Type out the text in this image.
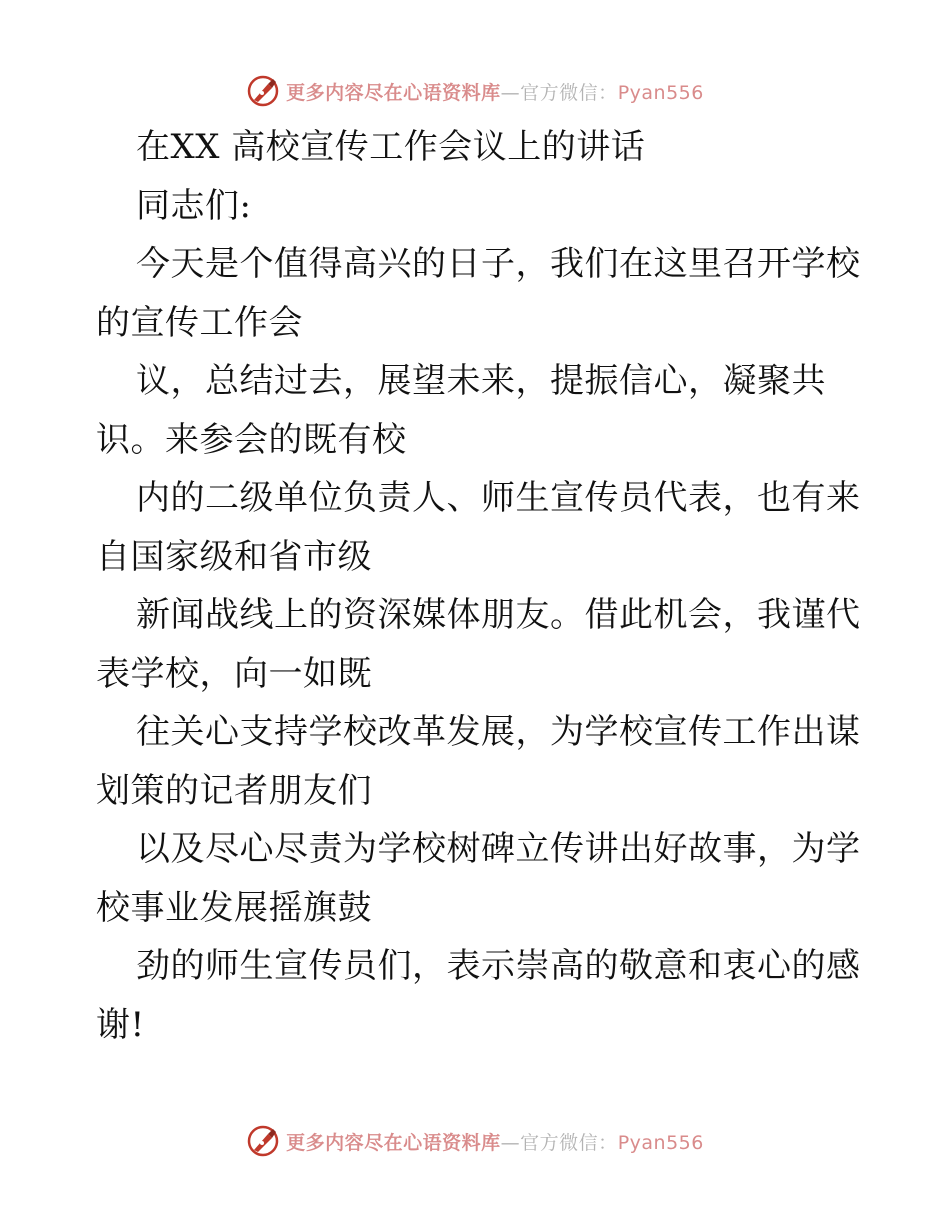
更多内容尽在心语资料库—官方微信：Pyan556
在XX 高校宣传工作会议上的讲话
同志们:
今天是个值得高兴的日子，我们在这里召开学校
的宣传工作会
议，总结过去，展望未来，提振信心，凝聚共
识。来参会的既有校
内的二级单位负责人、师生宣传员代表，也有来
自国家级和省市级
新闻战线上的资深媒体朋友。借此机会，我谨代
表学校，向一如既
往关心支持学校改革发展，为学校宣传工作出谋
划策的记者朋友们
以及尽心尽责为学校树碑立传讲出好故事，为学
校事业发展摇旗鼓
劲的师生宣传员们，表示崇高的敬意和衷心的感
谢!
更多内容尽在心语资料库—官方微信：Pyan556
